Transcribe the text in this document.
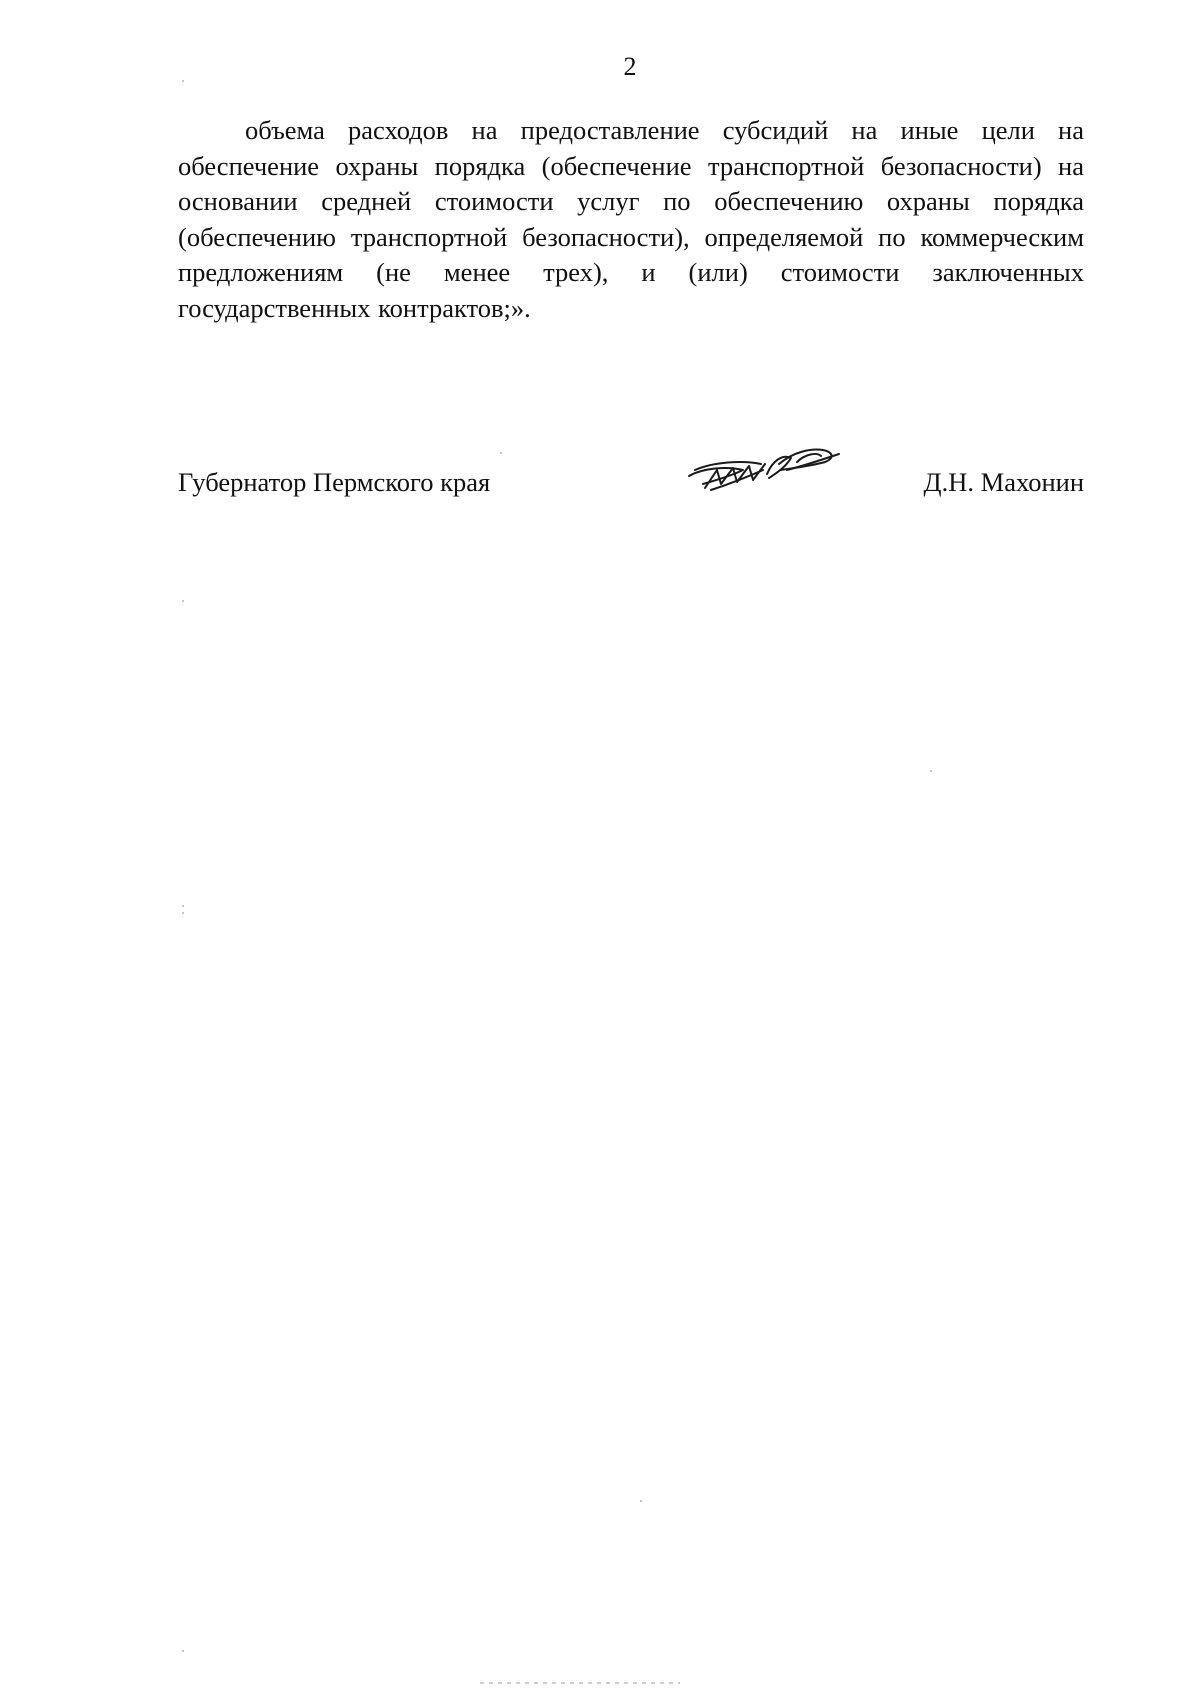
2

объема расходов на предоставление субсидий на иные цели на обеспечение охраны порядка (обеспечение транспортной безопасности) на основании средней стоимости услуг по обеспечению охраны порядка (обеспечению транспортной безопасности), определяемой по коммерческим предложениям (не менее трех), и (или) стоимости заключенных государственных контрактов;».

Губернатор Пермского края	Д.Н. Махонин
